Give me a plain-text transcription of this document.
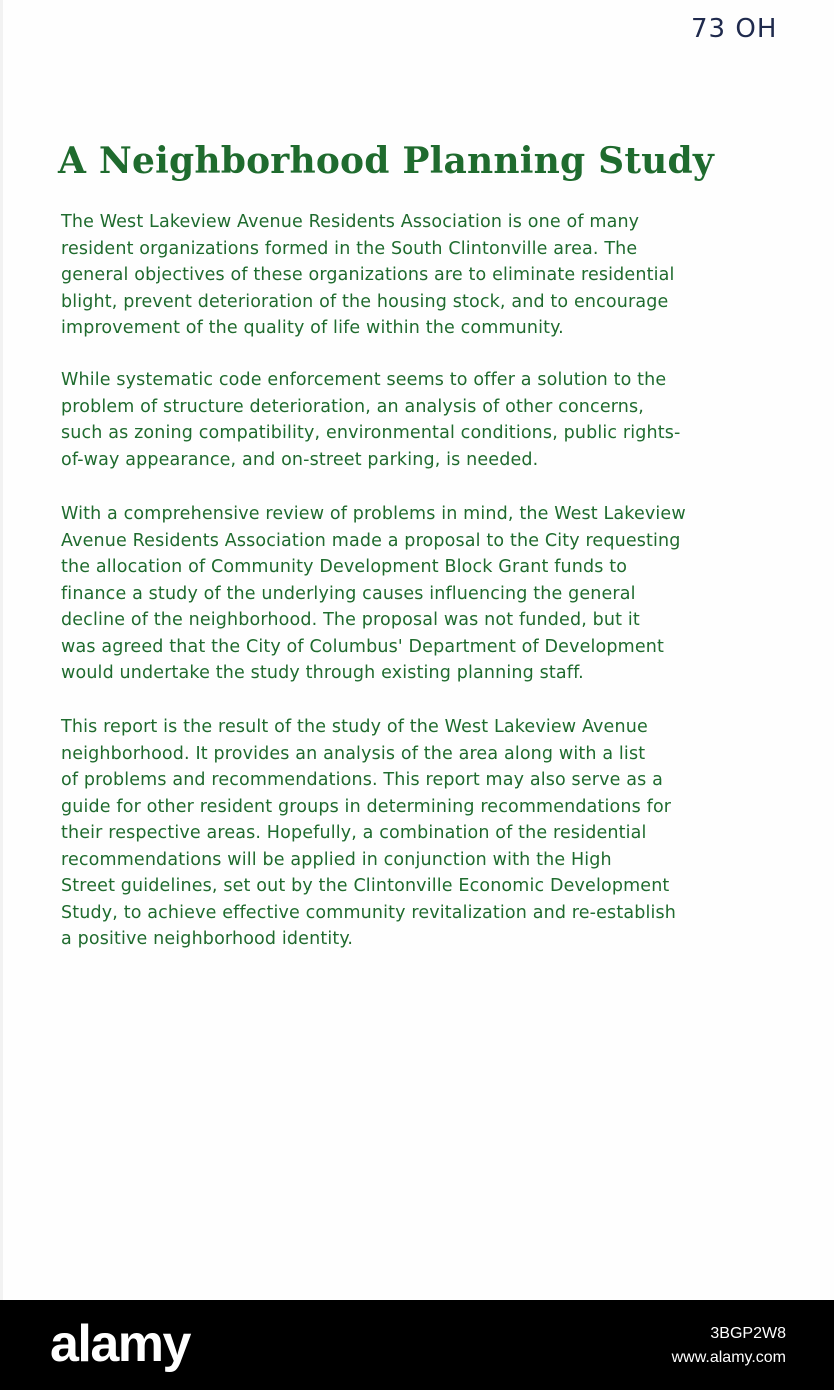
73 OH
A Neighborhood Planning Study
The West Lakeview Avenue Residents Association is one of many
resident organizations formed in the South Clintonville area. The
general objectives of these organizations are to eliminate residential
blight, prevent deterioration of the housing stock, and to encourage
improvement of the quality of life within the community.
While systematic code enforcement seems to offer a solution to the
problem of structure deterioration, an analysis of other concerns,
such as zoning compatibility, environmental conditions, public rights-
of-way appearance, and on-street parking, is needed.
With a comprehensive review of problems in mind, the West Lakeview
Avenue Residents Association made a proposal to the City requesting
the allocation of Community Development Block Grant funds to
finance a study of the underlying causes influencing the general
decline of the neighborhood. The proposal was not funded, but it
was agreed that the City of Columbus' Department of Development
would undertake the study through existing planning staff.
This report is the result of the study of the West Lakeview Avenue
neighborhood. It provides an analysis of the area along with a list
of problems and recommendations. This report may also serve as a
guide for other resident groups in determining recommendations for
their respective areas. Hopefully, a combination of the residential
recommendations will be applied in conjunction with the High
Street guidelines, set out by the Clintonville Economic Development
Study, to achieve effective community revitalization and re-establish
a positive neighborhood identity.
alamy	3BGP2W8
www.alamy.com
